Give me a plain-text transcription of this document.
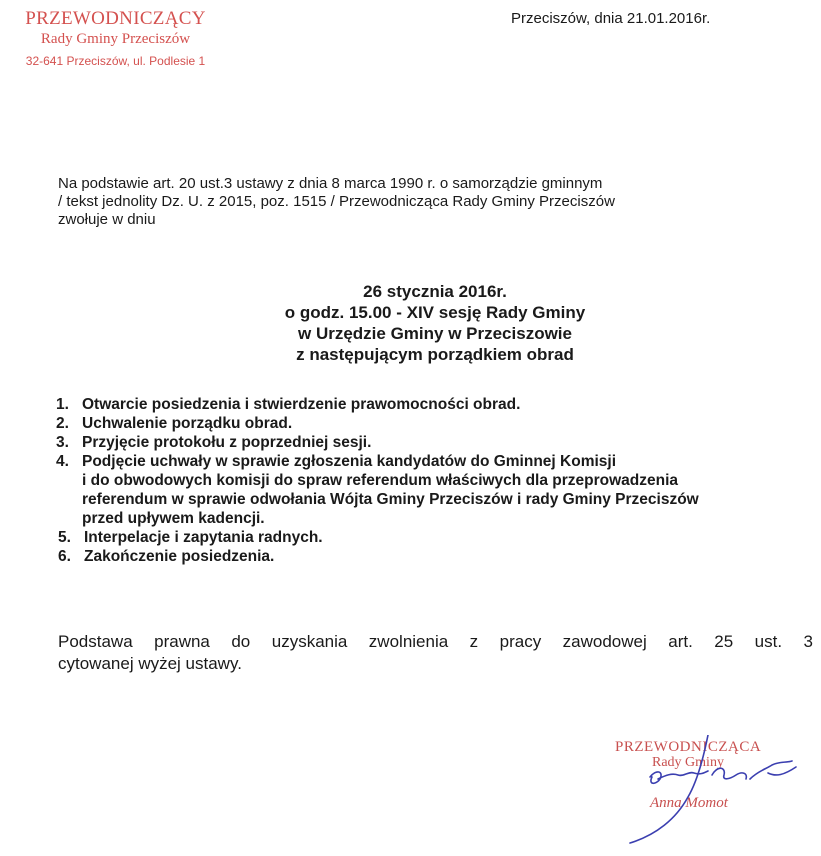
PRZEWODNICZĄCY
Rady Gminy Przeciszów
32-641 Przeciszów, ul. Podlesie 1
Przeciszów, dnia 21.01.2016r.
Na podstawie art. 20 ust.3 ustawy z dnia 8 marca 1990 r. o samorządzie gminnym
/ tekst jednolity Dz. U. z 2015, poz. 1515 / Przewodnicząca Rady Gminy Przeciszów
zwołuje w dniu
26 stycznia 2016r.
o godz. 15.00 - XIV sesję Rady Gminy
w Urzędzie Gminy w Przeciszowie
z następującym porządkiem obrad
1. Otwarcie posiedzenia i stwierdzenie prawomocności obrad.
2. Uchwalenie porządku obrad.
3. Przyjęcie protokołu z poprzedniej sesji.
4. Podjęcie uchwały w sprawie zgłoszenia kandydatów do Gminnej Komisji
i do obwodowych komisji do spraw referendum właściwych dla przeprowadzenia
referendum w sprawie odwołania Wójta Gminy Przeciszów i rady Gminy Przeciszów
przed upływem kadencji.
5. Interpelacje i zapytania radnych.
6. Zakończenie posiedzenia.
Podstawa prawna do uzyskania zwolnienia z pracy zawodowej art. 25 ust. 3
cytowanej wyżej ustawy.
PRZEWODNICZĄCA
Rady Gminy
Anna Momot
